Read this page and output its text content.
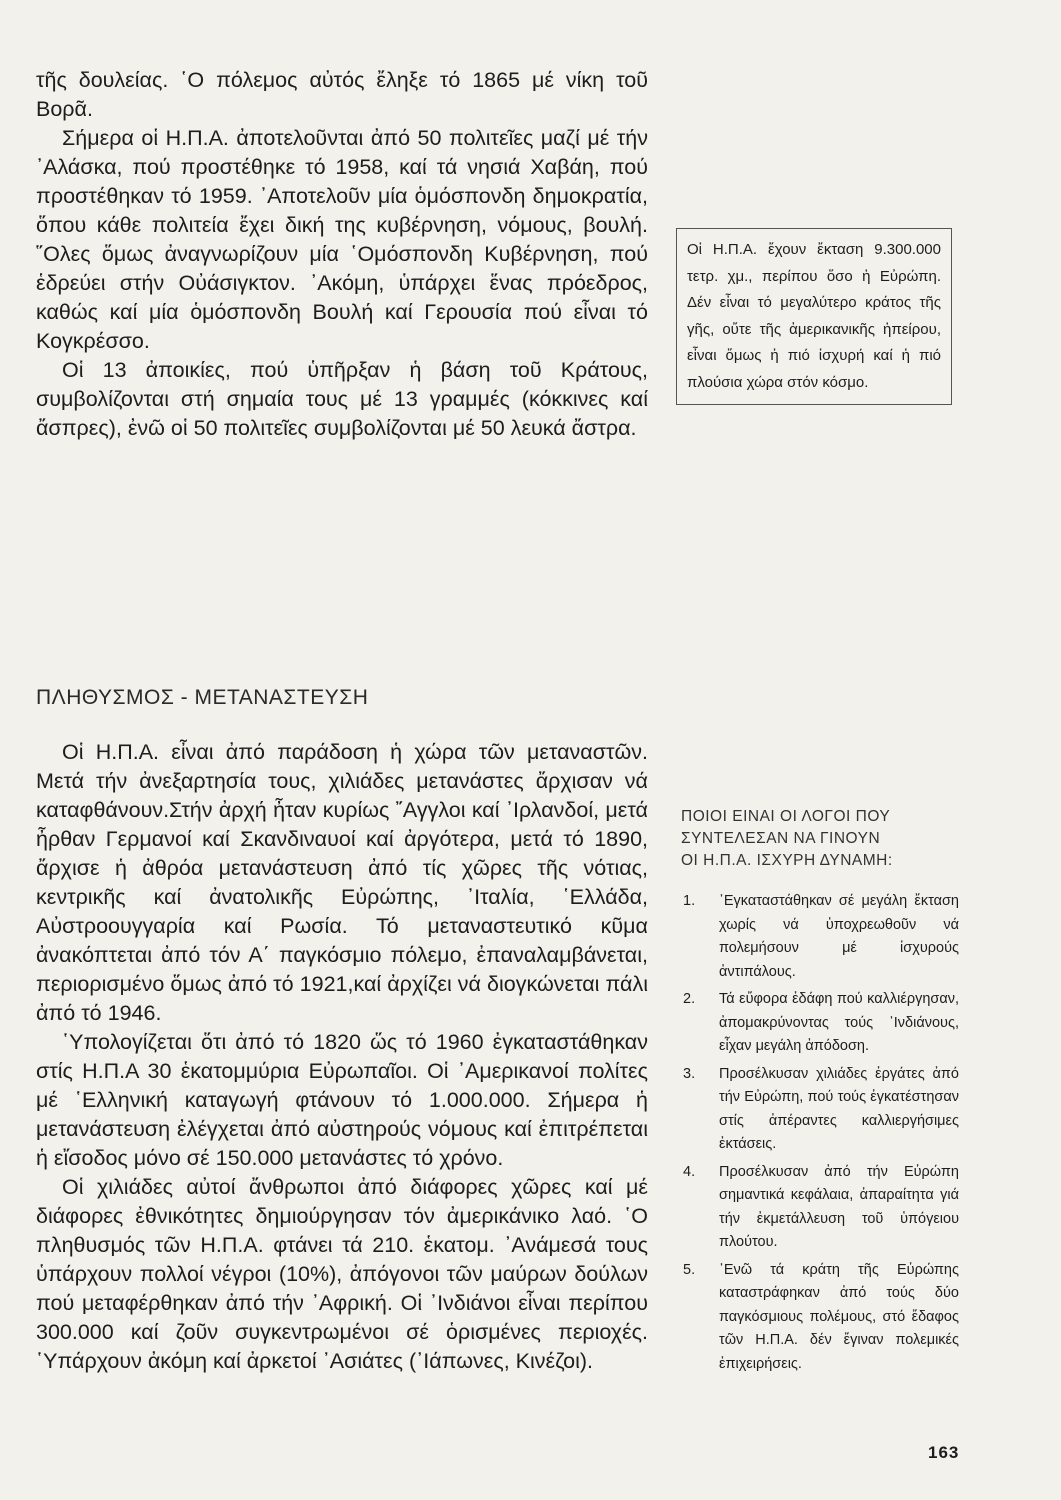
τῆς δουλείας. ῾Ο πόλεμος αὐτός ἔληξε τό 1865 μέ νίκη τοῦ Βορᾶ.

Σήμερα οἱ Η.Π.Α. ἀποτελοῦνται ἀπό 50 πολιτεῖες μαζί μέ τήν ᾿Αλάσκα, πού προστέθηκε τό 1958, καί τά νησιά Χαβάη, πού προστέθηκαν τό 1959. ᾿Αποτελοῦν μία ὁμόσπονδη δημοκρατία, ὅπου κάθε πολιτεία ἔχει δική της κυβέρνηση, νόμους, βουλή. ῞Ολες ὅμως ἀναγνωρίζουν μία ῾Ομόσπονδη Κυβέρνηση, πού ἑδρεύει στήν Οὐάσιγκτον. ᾿Ακόμη, ὑπάρχει ἕνας πρόεδρος, καθώς καί μία ὁμόσπονδη Βουλή καί Γερουσία πού εἶναι τό Κογκρέσσο.

Οἱ 13 ἀποικίες, πού ὑπῆρξαν ἡ βάση τοῦ Κράτους, συμβολίζονται στή σημαία τους μέ 13 γραμμές (κόκκινες καί ἄσπρες), ἐνῶ οἱ 50 πολιτεῖες συμβολίζονται μέ 50 λευκά ἄστρα.

Οἱ Η.Π.Α. ἔχουν ἔκταση 9.300.000 τετρ. χμ., περίπου ὅσο ἡ Εὐρώπη. Δέν εἶναι τό μεγαλύτερο κράτος τῆς γῆς, οὔτε τῆς ἀμερικανικῆς ἠπείρου, εἶναι ὅμως ἡ πιό ἰσχυρή καί ἡ πιό πλούσια χώρα στόν κόσμο.

ΠΛΗΘΥΣΜΟΣ - ΜΕΤΑΝΑΣΤΕΥΣΗ

Οἱ Η.Π.Α. εἶναι ἀπό παράδοση ἡ χώρα τῶν μεταναστῶν. Μετά τήν ἀνεξαρτησία τους, χιλιάδες μετανάστες ἄρχισαν νά καταφθάνουν.Στήν ἀρχή ἦταν κυρίως ῎Αγγλοι καί ᾿Ιρλανδοί, μετά ἦρθαν Γερμανοί καί Σκανδιναυοί καί ἀργότερα, μετά τό 1890, ἄρχισε ἡ ἀθρόα μετανάστευση ἀπό τίς χῶρες τῆς νότιας, κεντρικῆς καί ἀνατολικῆς Εὐρώπης, ᾿Ιταλία, ῾Ελλάδα, Αὐστροουγγαρία καί Ρωσία. Τό μεταναστευτικό κῦμα ἀνακόπτεται ἀπό τόν Α΄ παγκόσμιο πόλεμο, ἐπαναλαμβάνεται, περιορισμένο ὅμως ἀπό τό 1921,καί ἀρχίζει νά διογκώνεται πάλι ἀπό τό 1946.

῾Υπολογίζεται ὅτι ἀπό τό 1820 ὥς τό 1960 ἐγκαταστάθηκαν στίς Η.Π.Α 30 ἑκατομμύρια Εὐρωπαῖοι. Οἱ ᾿Αμερικανοί πολίτες μέ ῾Ελληνική καταγωγή φτάνουν τό 1.000.000. Σήμερα ἡ μετανάστευση ἐλέγχεται ἀπό αὐστηρούς νόμους καί ἐπιτρέπεται ἡ εἴσοδος μόνο σέ 150.000 μετανάστες τό χρόνο.

Οἱ χιλιάδες αὐτοί ἄνθρωποι ἀπό διάφορες χῶρες καί μέ διάφορες ἐθνικότητες δημιούργησαν τόν ἀμερικάνικο λαό. ῾Ο πληθυσμός τῶν Η.Π.Α. φτάνει τά 210. ἑκατομ. ᾿Ανάμεσά τους ὑπάρχουν πολλοί νέγροι (10%), ἀπόγονοι τῶν μαύρων δούλων πού μεταφέρθηκαν ἀπό τήν ᾿Αφρική. Οἱ ᾿Ινδιάνοι εἶναι περίπου 300.000 καί ζοῦν συγκεντρωμένοι σέ ὁρισμένες περιοχές. ῾Υπάρχουν ἀκόμη καί ἀρκετοί ᾿Ασιάτες (᾿Ιάπωνες, Κινέζοι).

ΠΟΙΟΙ ΕΙΝΑΙ ΟΙ ΛΟΓΟΙ ΠΟΥ

ΣΥΝΤΕΛΕΣΑΝ ΝΑ ΓΙΝΟΥΝ

ΟΙ Η.Π.Α. ΙΣΧΥΡΗ ΔΥΝΑΜΗ:

1.	᾿Εγκαταστάθηκαν σέ μεγάλη ἔκταση χωρίς νά ὑποχρεωθοῦν νά πολεμήσουν μέ ἰσχυρούς ἀντιπάλους.
2.	Τά εὔφορα ἐδάφη πού καλλιέργησαν, ἀπομακρύνοντας τούς ᾿Ινδιάνους, εἶχαν μεγάλη ἀπόδοση.
3.	Προσέλκυσαν χιλιάδες ἐργάτες ἀπό τήν Εὐρώπη, πού τούς ἐγκατέστησαν στίς ἀπέραντες καλλιεργήσιμες ἐκτάσεις.
4.	Προσέλκυσαν ἀπό τήν Εὐρώπη σημαντικά κεφάλαια, ἀπαραίτητα γιά τήν ἐκμετάλλευση τοῦ ὑπόγειου πλούτου.
5.	᾿Ενῶ τά κράτη τῆς Εὐρώπης καταστράφηκαν ἀπό τούς δύο παγκόσμιους πολέμους, στό ἔδαφος τῶν Η.Π.Α. δέν ἔγιναν πολεμικές ἐπιχειρήσεις.
163
